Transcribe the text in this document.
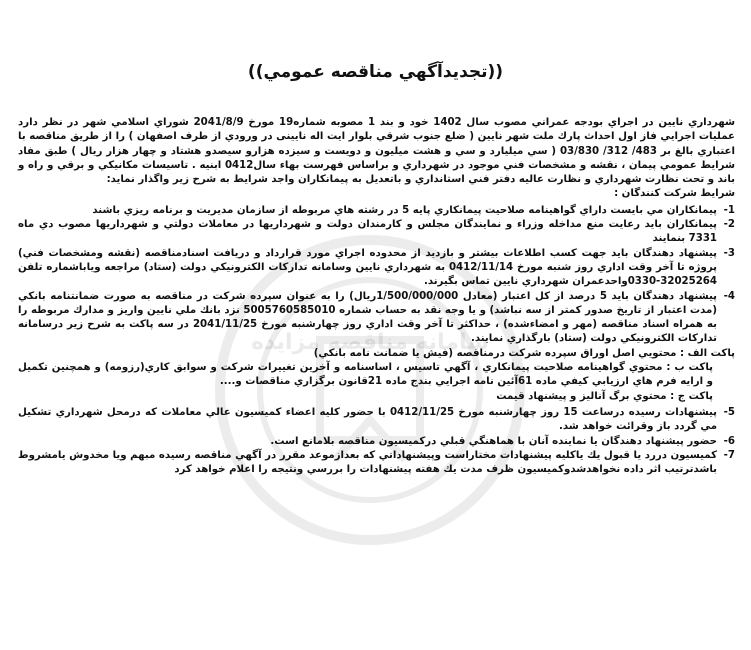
سامانه مناقصه مزایده
((تجديدآگهي مناقصه عمومي))

شهرداري نايين در اجراي بودجه عمراني مصوب سال 1402 خود و بند 1 مصوبه شماره19 مورخ 2041/8/9 شوراي اسلامي شهر در نظر دارد عمليات اجرايي فاز اول احداث پارك ملت شهر نايين ( ضلع جنوب شرقي بلوار ايت اله نايينى در ورودي از طرف اصفهان ) را از طريق مناقصه با اعتباري بالغ بر 483/ 312/ 03/830 ( سي ميليارد و سي و هشت ميليون و دويست و سيزده هزارو سيصدو هشتاد و چهار هزار ريال ) طبق مفاد شرايط عمومي پيمان ، نقشه و مشخصات فني موجود در شهرداري و براساس فهرست بهاء سال0412 ابنيه . تاسيسات مكانيكي و برقي و راه و باند و تحت نظارت شهرداري و نظارت عاليه دفتر فني استانداري و باتعديل به پيمانكاران واجد شرايط به شرح زير واگذار نمايد:

شرايط شركت كنندگان :

1-
پيمانكاران مي بايست داراي گواهينامه صلاحيت پيمانكاري پايه 5 در رشته هاي مربوطه از سازمان مديريت و برنامه ريزي باشند
2-
پيمانكاران بايد رعايت منع مداخله وزراء و نمايندگان مجلس و كارمندان دولت و شهرداريها در معاملات دولتي و شهرداريها مصوب دي ماه 7331 بنمايند
3-
پيشنهاد دهندگان بايد جهت كسب اطلاعات بيشتر و بازديد از محدوده اجراي مورد قرارداد و دريافت اسنادمناقصه (نقشه ومشخصات فني) پروژه تا آخر وقت اداري روز شنبه مورخ 0412/11/14 به شهرداري نايين وسامانه تداركات الكترونيكي دولت (ستاد) مراجعه وياباشماره تلفن 32025264-0330واحدعمران شهرداري نايين تماس بگيرند.
4-
پيشنهاد دهندگان بايد 5 درصد از كل اعتبار (معادل 1/500/000/000ريال) را به عنوان سپرده شركت در مناقصه به صورت ضمانتنامه بانكي (مدت اعتبار از تاريخ صدور كمتر از سه نباشد) و يا وجه نقد به حساب شماره 5005760585010 نزد بانك ملي نايين واريز و مدارك مربوطه را به همراه اسناد مناقصه (مهر و امضاءشده) ، حداكثر تا آخر وقت اداري روز چهارشنبه مورخ 2041/11/25 در سه پاكت به شرح زير درسامانه تداركات الكترونيكي دولت (ستاد) بارگذاري نمايند.

پاكت الف : محتويي اصل اوراق سپرده شركت درمناقصه (فيش يا ضمانت نامه بانكي)

پاكت ب : محتوي گواهينامه صلاحيت پيمانكاري ، آگهي تاسيس ، اساسنامه و آخرين تغييرات شركت و سوابق كاري(رزومه) و همچنين تكميل و ارايه فرم هاي ارزيابي كيفي ماده 61آئين نامه اجرايي بندج ماده 21قانون برگزاري مناقصات و....

پاكت ج : محتوي برگ آناليز و پيشنهاد قيمت

5-
پيشنهادات رسيده درساعت 15 روز چهارشنبه مورخ 0412/11/25 با حضور كليه اعضاء كميسيون عالي معاملات كه درمحل شهرداري تشكيل مي گردد باز وقرائت خواهد شد.
6-
حضور پيشنهاد دهندگان يا نماينده آنان با هماهنگي قبلي دركميسيون مناقصه بلامانع است.
7-
كميسيون دررد يا قبول يك ياكليه پيشنهادات مختاراست وپيشنهاداتي كه بعدازموعد مقرر در آگهي مناقصه رسيده مبهم ويا مخدوش يامشروط باشدترتيب اثر داده نخواهدشدوكميسيون ظرف مدت يك هفته پيشنهادات را بررسي ونتيجه را اعلام خواهد كرد
